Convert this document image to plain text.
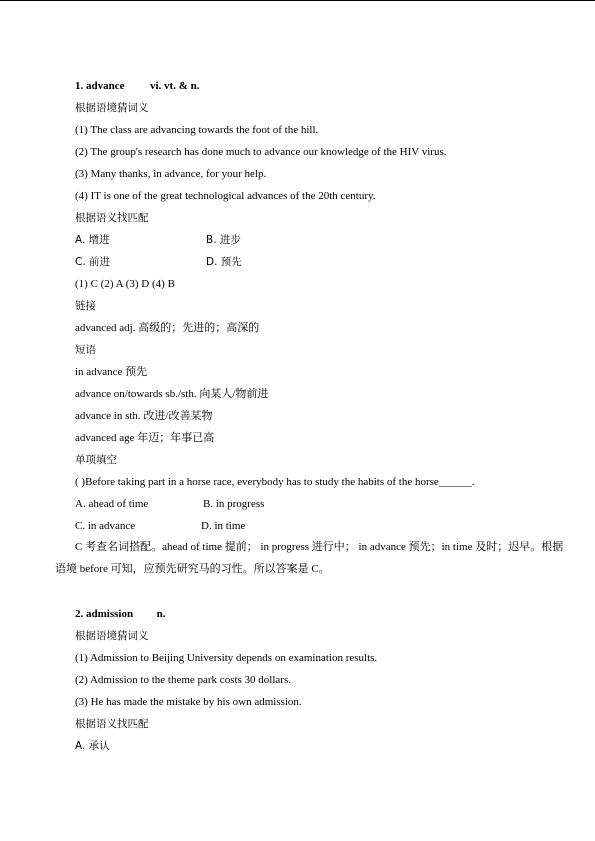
1. advance vi. vt. & n.
根据语境猜词义
(1) The class are advancing towards the foot of the hill.
(2) The group's research has done much to advance our knowledge of the HIV virus.
(3) Many thanks, in advance, for your help.
(4) IT is one of the great technological advances of the 20th century.
根据语义找匹配
A. 增进	B. 进步
C. 前进	D. 预先
(1) C (2) A (3) D (4) B
链接
advanced adj. 高级的；先进的；高深的
短语
in advance 预先
advance on/towards sb./sth. 向某人/物前进
advance in sth. 改进/改善某物
advanced age 年迈；年事已高
单项填空
( )Before taking part in a horse race, everybody has to study the habits of the horse______.
A. ahead of time	B. in progress
C. in advance	D. in time
C 考查名词搭配。ahead of time 提前； in progress 进行中； in advance 预先；in time 及时；迟早。根据语境 before 可知，应预先研究马的习性。所以答案是 C。
2. admission n.
根据语境猜词义
(1) Admission to Beijing University depends on examination results.
(2) Admission to the theme park costs 30 dollars.
(3) He has made the mistake by his own admission.
根据语义找匹配
A. 承认
